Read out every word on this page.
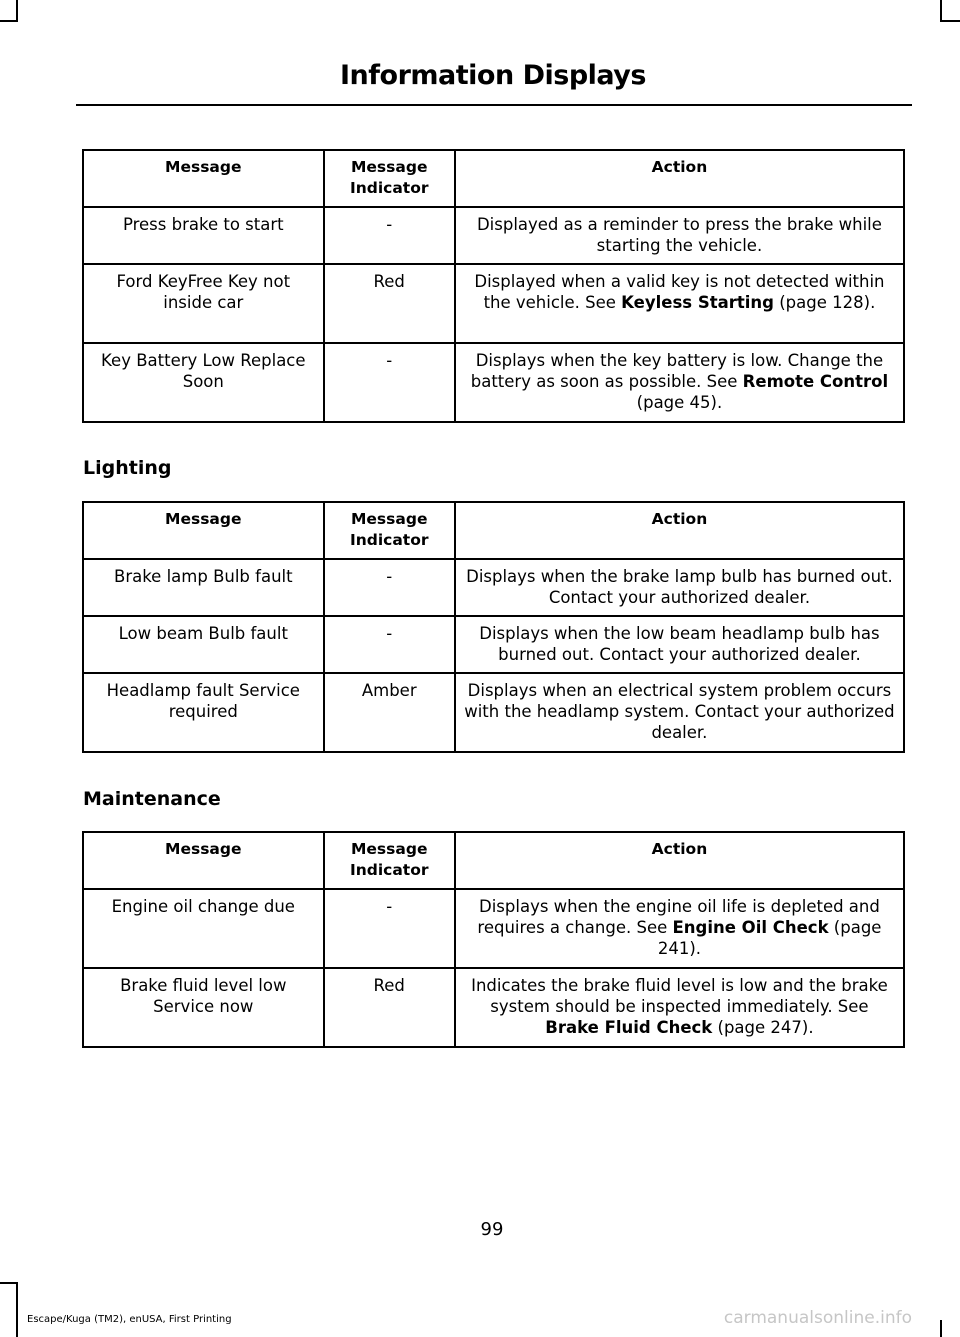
Information Displays
Message	Message Indicator	Action
Press brake to start	-	Displayed as a reminder to press the brake while starting the vehicle.
Ford KeyFree Key not inside car	Red	Displayed when a valid key is not detected within the vehicle. See Keyless Starting (page 128).
Key Battery Low Replace Soon	-	Displays when the key battery is low. Change the battery as soon as possible. See Remote Control (page 45).
Lighting
Message	Message Indicator	Action
Brake lamp Bulb fault	-	Displays when the brake lamp bulb has burned out. Contact your authorized dealer.
Low beam Bulb fault	-	Displays when the low beam headlamp bulb has burned out. Contact your authorized dealer.
Headlamp fault Service required	Amber	Displays when an electrical system problem occurs with the headlamp system. Contact your authorized dealer.
Maintenance
Message	Message Indicator	Action
Engine oil change due	-	Displays when the engine oil life is depleted and requires a change. See Engine Oil Check (page 241).
Brake fluid level low Service now	Red	Indicates the brake fluid level is low and the brake system should be inspected immediately. See Brake Fluid Check (page 247).

99

Escape/Kuga (TM2), enUSA, First Printing	carmanualsonline.info
